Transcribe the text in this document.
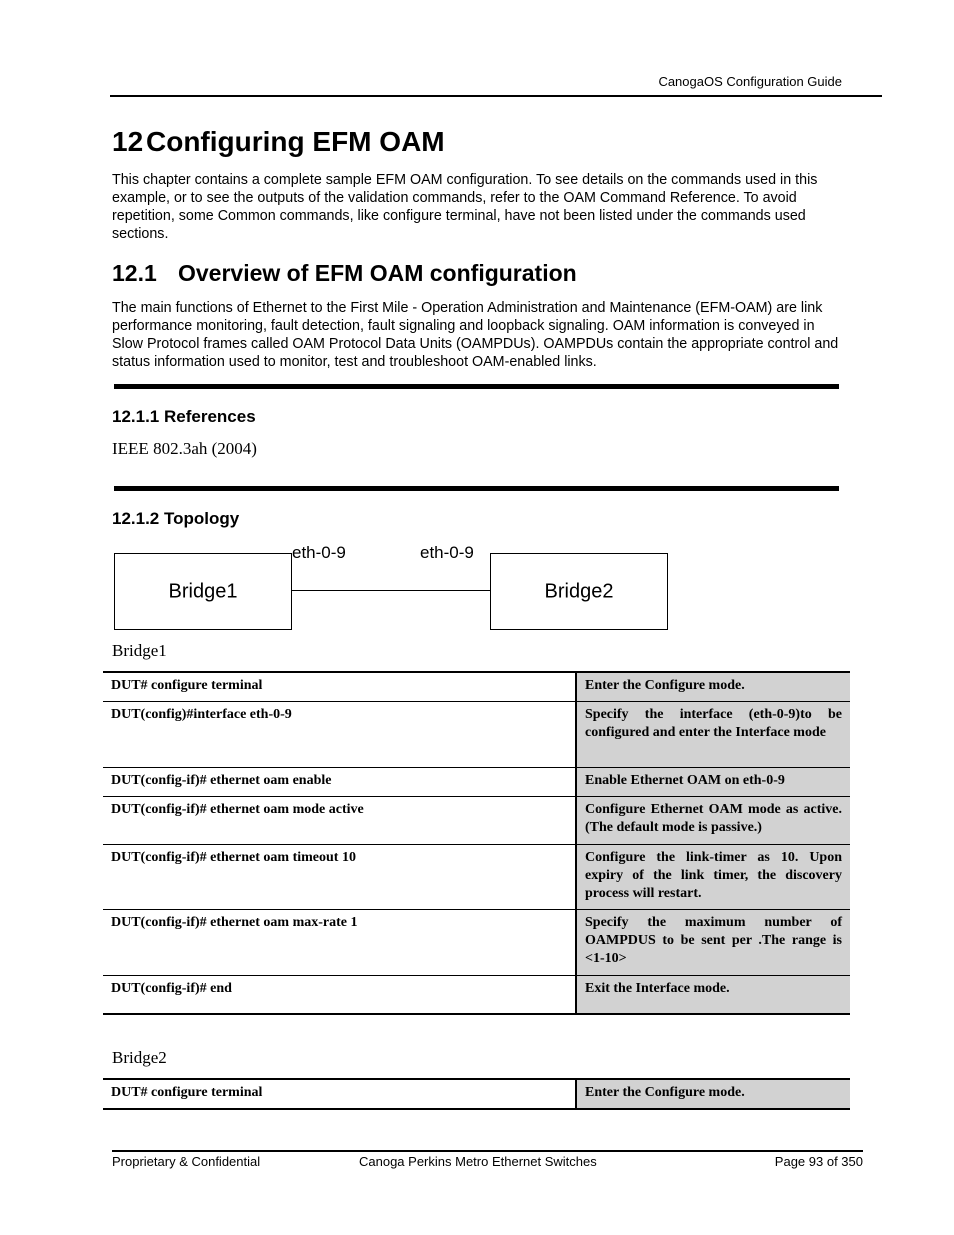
CanogaOS Configuration Guide
12 Configuring EFM OAM
This chapter contains a complete sample EFM OAM configuration. To see details on the commands used in this example, or to see the outputs of the validation commands, refer to the OAM Command Reference. To avoid repetition, some Common commands, like configure terminal, have not been listed under the commands used sections.
12.1 Overview of EFM OAM configuration
The main functions of Ethernet to the First Mile - Operation Administration and Maintenance (EFM-OAM) are link performance monitoring, fault detection, fault signaling and loopback signaling. OAM information is conveyed in Slow Protocol frames called OAM Protocol Data Units (OAMPDUs). OAMPDUs contain the appropriate control and status information used to monitor, test and troubleshoot OAM-enabled links.
12.1.1 References
IEEE 802.3ah (2004)
12.1.2 Topology
eth-0-9	eth-0-9
Bridge1	Bridge2
Bridge1
DUT# configure terminal	Enter the Configure mode.
DUT(config)#interface eth-0-9	Specify the interface (eth-0-9)to be configured and enter the Interface mode
DUT(config-if)# ethernet oam enable	Enable Ethernet OAM on eth-0-9
DUT(config-if)# ethernet oam mode active	Configure Ethernet OAM mode as active. (The default mode is passive.)
DUT(config-if)# ethernet oam timeout 10	Configure the link-timer as 10. Upon expiry of the link timer, the discovery process will restart.
DUT(config-if)# ethernet oam max-rate 1	Specify the maximum number of OAMPDUS to be sent per .The range is <1-10>
DUT(config-if)# end	Exit the Interface mode.
Bridge2
DUT# configure terminal	Enter the Configure mode.
Proprietary & Confidential	Canoga Perkins Metro Ethernet Switches	Page 93 of 350
